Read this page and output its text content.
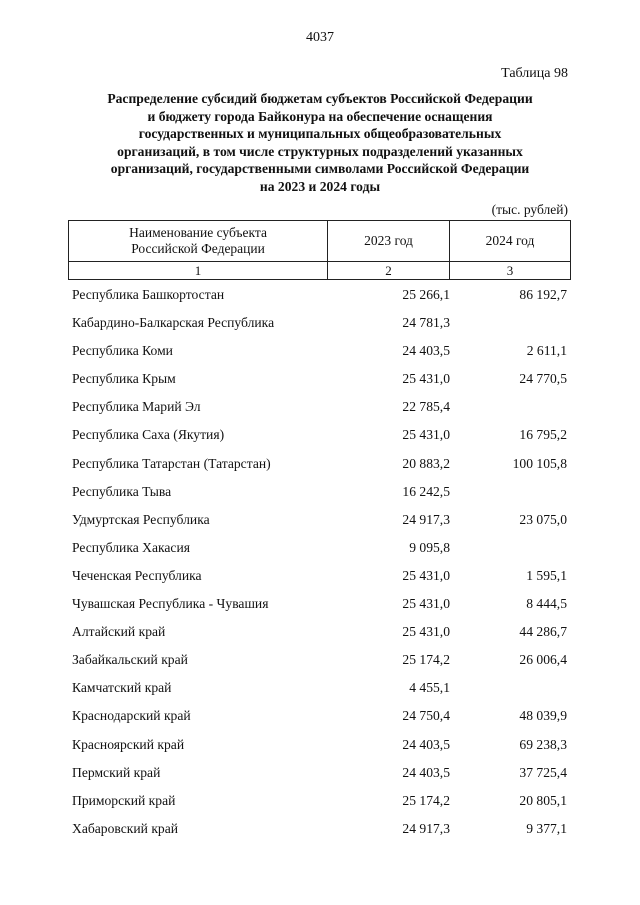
4037
Таблица 98
Распределение субсидий бюджетам субъектов Российской Федерации
и бюджету города Байконура на обеспечение оснащения
государственных и муниципальных общеобразовательных
организаций, в том числе структурных подразделений указанных
организаций, государственными символами Российской Федерации
на 2023 и 2024 годы
(тыс. рублей)
Наименование субъекта
Российской Федерации	2023 год	2024 год
1	2	3
Республика Башкортостан	25 266,1	86 192,7
Кабардино-Балкарская Республика	24 781,3
Республика Коми	24 403,5	2 611,1
Республика Крым	25 431,0	24 770,5
Республика Марий Эл	22 785,4
Республика Саха (Якутия)	25 431,0	16 795,2
Республика Татарстан (Татарстан)	20 883,2	100 105,8
Республика Тыва	16 242,5
Удмуртская Республика	24 917,3	23 075,0
Республика Хакасия	9 095,8
Чеченская Республика	25 431,0	1 595,1
Чувашская Республика - Чувашия	25 431,0	8 444,5
Алтайский край	25 431,0	44 286,7
Забайкальский край	25 174,2	26 006,4
Камчатский край	4 455,1
Краснодарский край	24 750,4	48 039,9
Красноярский край	24 403,5	69 238,3
Пермский край	24 403,5	37 725,4
Приморский край	25 174,2	20 805,1
Хабаровский край	24 917,3	9 377,1
